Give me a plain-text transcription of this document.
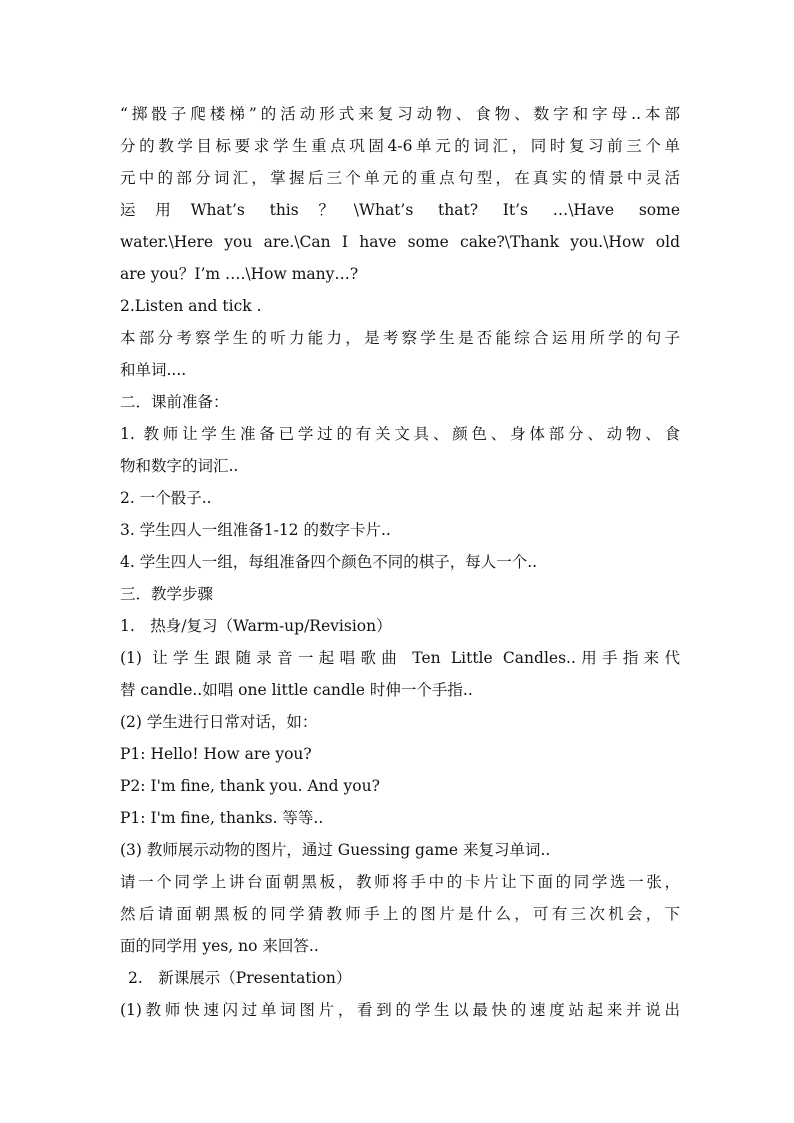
“掷骰子爬楼梯”的活动形式来复习动物、食物、数字和字母..本部
分的教学目标要求学生重点巩固4-6单元的词汇，同时复习前三个单
元中的部分词汇，掌握后三个单元的重点句型，在真实的情景中灵活
运用What’s this？\What’s that? It’s …\Have some
water.\Here you are.\Can I have some cake?\Thank you.\How old
are you？I’m ….\How many…?
2.Listen and tick .
本部分考察学生的听力能力，是考察学生是否能综合运用所学的句子
和单词....
二．课前准备：
1. 教师让学生准备已学过的有关文具、颜色、身体部分、动物、食
物和数字的词汇..
2. 一个骰子..
3. 学生四人一组准备1-12 的数字卡片..
4. 学生四人一组，每组准备四个颜色不同的棋子，每人一个..
三．教学步骤
1.　热身/复习（Warm-up/Revision）
(1) 让学生跟随录音一起唱歌曲 Ten Little Candles..用手指来代
替 candle..如唱 one little candle 时伸一个手指..
(2) 学生进行日常对话，如：
P1: Hello! How are you?
P2: I'm fine, thank you. And you?
P1: I'm fine, thanks. 等等..
(3) 教师展示动物的图片，通过 Guessing game 来复习单词..
请一个同学上讲台面朝黑板，教师将手中的卡片让下面的同学选一张，
然后请面朝黑板的同学猜教师手上的图片是什么，可有三次机会，下
面的同学用 yes, no 来回答..
2.　新课展示（Presentation）
(1)教师快速闪过单词图片，看到的学生以最快的速度站起来并说出
